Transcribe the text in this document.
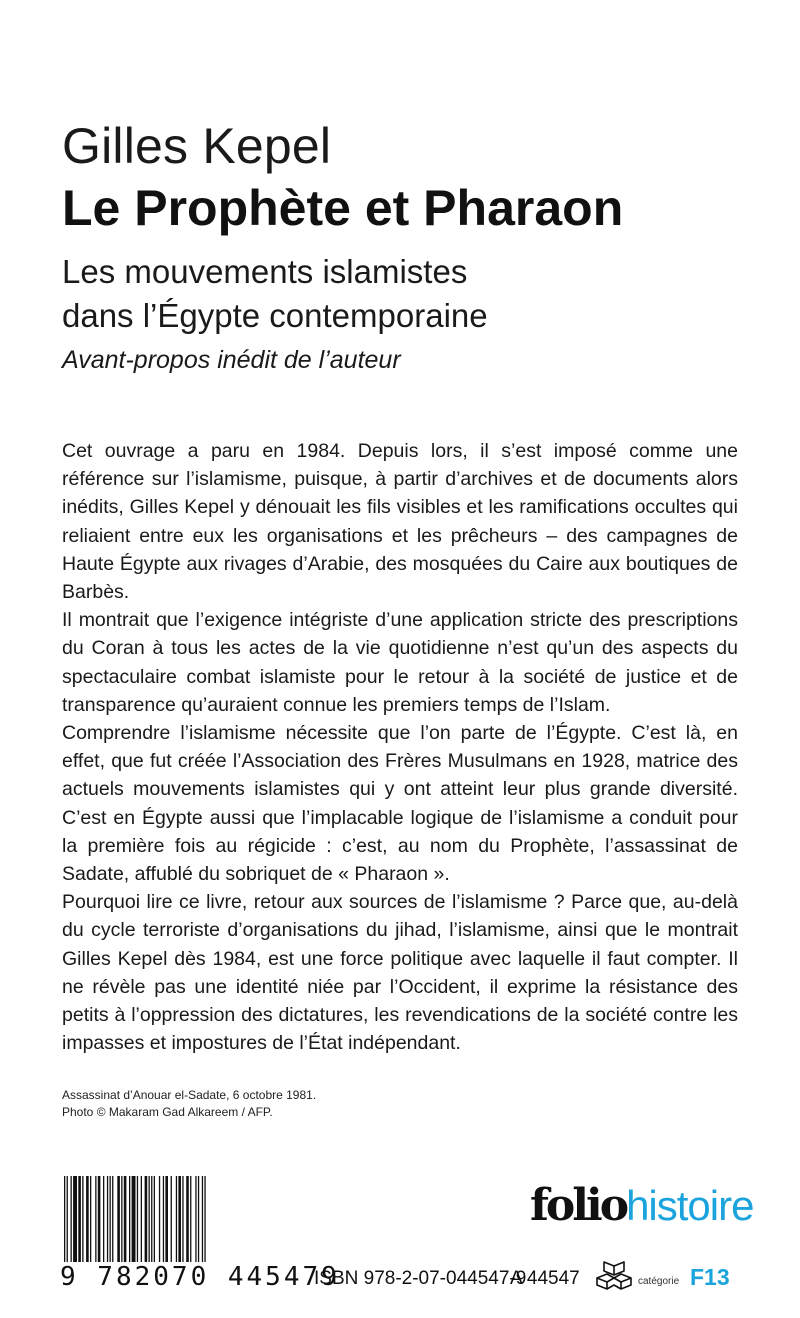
Gilles Kepel
Le Prophète et Pharaon
Les mouvements islamistes
dans l’Égypte contemporaine
Avant-propos inédit de l’auteur

Cet ouvrage a paru en 1984. Depuis lors, il s’est imposé comme une référence sur l’islamisme, puisque, à partir d’archives et de documents alors inédits, Gilles Kepel y dénouait les fils visibles et les ramifications occultes qui reliaient entre eux les organisations et les prêcheurs – des campagnes de Haute Égypte aux rivages d’Arabie, des mosquées du Caire aux boutiques de Barbès.

Il montrait que l’exigence intégriste d’une application stricte des prescriptions du Coran à tous les actes de la vie quotidienne n’est qu’un des aspects du spectaculaire combat islamiste pour le retour à la société de justice et de transparence qu’auraient connue les premiers temps de l’Islam.

Comprendre l’islamisme nécessite que l’on parte de l’Égypte. C’est là, en effet, que fut créée l’Association des Frères Musulmans en 1928, matrice des actuels mouvements islamistes qui y ont atteint leur plus grande diversité. C’est en Égypte aussi que l’implacable logique de l’islamisme a conduit pour la première fois au régicide : c’est, au nom du Prophète, l’assassinat de Sadate, affublé du sobriquet de « Pharaon ».

Pourquoi lire ce livre, retour aux sources de l’islamisme ? Parce que, au-delà du cycle terroriste d’organisations du jihad, l’islamisme, ainsi que le montrait Gilles Kepel dès 1984, est une force politique avec laquelle il faut compter. Il ne révèle pas une identité niée par l’Occident, il exprime la résistance des petits à l’oppression des dictatures, les revendications de la société contre les impasses et impostures de l’État indépendant.

Assassinat d’Anouar el-Sadate, 6 octobre 1981.
Photo © Makaram Gad Alkareem / AFP.
9 782070 445479
foliohistoire
ISBN 978-2-07-044547-9
A 44547	catégorie F13
